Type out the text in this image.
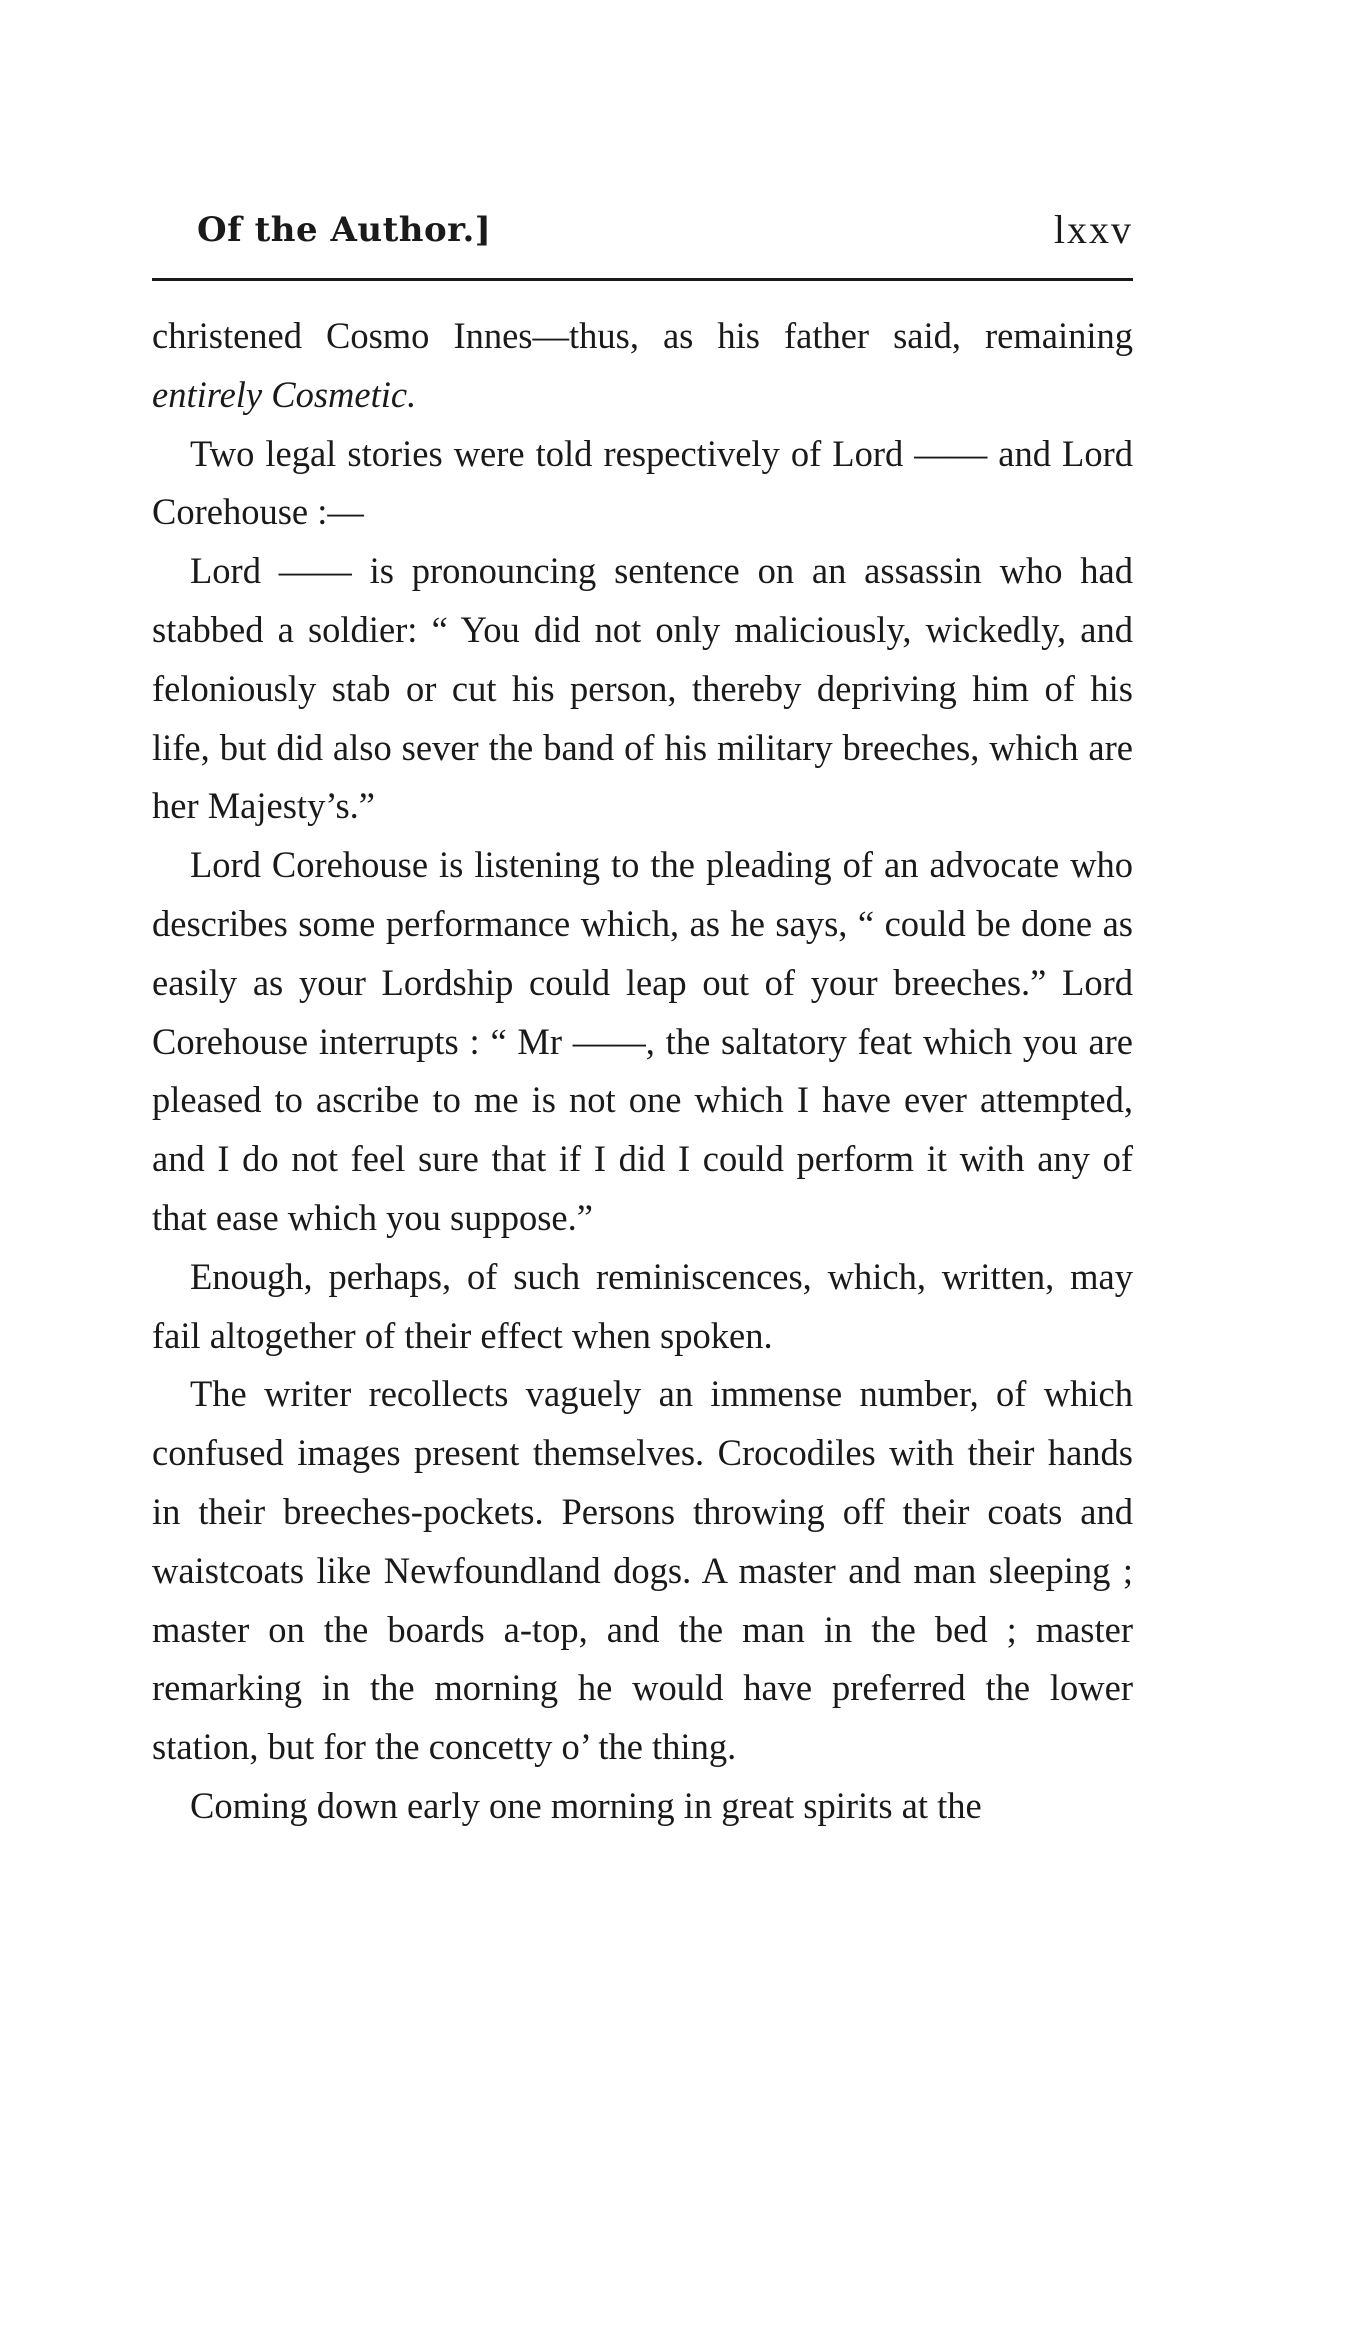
Of the Author.]	lxxv

christened Cosmo Innes—thus, as his father said, remaining entirely Cosmetic.

Two legal stories were told respectively of Lord —— and Lord Corehouse :—

Lord —— is pronouncing sentence on an assassin who had stabbed a soldier: “ You did not only maliciously, wickedly, and feloniously stab or cut his person, thereby depriving him of his life, but did also sever the band of his military breeches, which are her Majesty’s.”

Lord Corehouse is listening to the pleading of an advocate who describes some performance which, as he says, “ could be done as easily as your Lordship could leap out of your breeches.” Lord Corehouse interrupts : “ Mr ——, the saltatory feat which you are pleased to ascribe to me is not one which I have ever attempted, and I do not feel sure that if I did I could perform it with any of that ease which you suppose.”

Enough, perhaps, of such reminiscences, which, written, may fail altogether of their effect when spoken.

The writer recollects vaguely an immense number, of which confused images present themselves. Crocodiles with their hands in their breeches-pockets. Persons throwing off their coats and waistcoats like Newfoundland dogs. A master and man sleeping ; master on the boards a-top, and the man in the bed ; master remarking in the morning he would have preferred the lower station, but for the concetty o’ the thing.

Coming down early one morning in great spirits at the
